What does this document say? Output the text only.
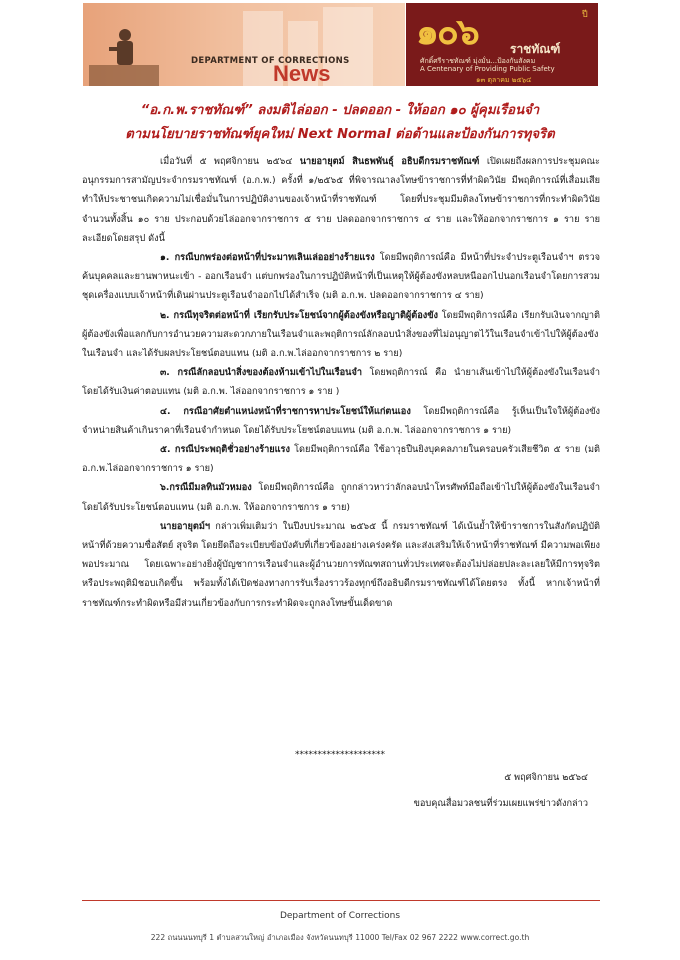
DEPARTMENT OF CORRECTIONS
News
๑๐๖	ปี
ราชทัณฑ์
ศักดิ์ศรีราชทัณฑ์ มุ่งมั่น...ป้องกันสังคม
A Centenary of Providing Public Safety
๑๓ ตุลาคม ๒๕๖๔
“อ.ก.พ.ราชทัณฑ์” ลงมติไล่ออก - ปลดออก - ให้ออก ๑๐ ผู้คุมเรือนจำ
ตามนโยบายราชทัณฑ์ยุคใหม่ Next Normal ต่อต้านและป้องกันการทุจริต

เมื่อวันที่ ๕ พฤศจิกายน ๒๕๖๔ นายอายุตม์ สินธพพันธุ์ อธิบดีกรมราชทัณฑ์ เปิดเผยถึงผลการประชุมคณะอนุกรรมการสามัญประจำกรมราชทัณฑ์ (อ.ก.พ.) ครั้งที่ ๑/๒๕๖๕ ที่พิจารณาลงโทษข้าราชการที่ทำผิดวินัย มีพฤติการณ์ที่เสื่อมเสีย ทำให้ประชาชนเกิดความไม่เชื่อมั่นในการปฏิบัติงานของเจ้าหน้าที่ราชทัณฑ์ โดยที่ประชุมมีมติลงโทษข้าราชการที่กระทำผิดวินัย จำนวนทั้งสิ้น ๑๐ ราย ประกอบด้วยไล่ออกจากราชการ ๕ ราย ปลดออกจากราชการ ๔ ราย และให้ออกจากราชการ ๑ ราย รายละเอียดโดยสรุป ดังนี้

๑. กรณีบกพร่องต่อหน้าที่ประมาทเลินเล่ออย่างร้ายแรง โดยมีพฤติการณ์คือ มีหน้าที่ประจำประตูเรือนจำฯ ตรวจค้นบุคคลและยานพาหนะเข้า - ออกเรือนจำ แต่บกพร่องในการปฏิบัติหน้าที่เป็นเหตุให้ผู้ต้องขังหลบหนีออกไปนอกเรือนจำโดยการสวมชุดเครื่องแบบเจ้าหน้าที่เดินผ่านประตูเรือนจำออกไปได้สำเร็จ (มติ อ.ก.พ. ปลดออกจากราชการ ๔ ราย)

๒. กรณีทุจริตต่อหน้าที่ เรียกรับประโยชน์จากผู้ต้องขังหรือญาติผู้ต้องขัง โดยมีพฤติการณ์คือ เรียกรับเงินจากญาติผู้ต้องขังเพื่อแลกกับการอำนวยความสะดวกภายในเรือนจำและพฤติการณ์ลักลอบนำสิ่งของที่ไม่อนุญาตไว้ในเรือนจำเข้าไปให้ผู้ต้องขังในเรือนจำ และได้รับผลประโยชน์ตอบแทน (มติ อ.ก.พ.ไล่ออกจากราชการ ๒ ราย)

๓. กรณีลักลอบนำสิ่งของต้องห้ามเข้าไปในเรือนจำ โดยพฤติการณ์ คือ นำยาเส้นเข้าไปให้ผู้ต้องขังในเรือนจำ โดยได้รับเงินค่าตอบแทน (มติ อ.ก.พ. ไล่ออกจากราชการ ๑ ราย )

๔. กรณีอาศัยตำแหน่งหน้าที่ราชการหาประโยชน์ให้แก่ตนเอง โดยมีพฤติการณ์คือ รู้เห็นเป็นใจให้ผู้ต้องขังจำหน่ายสินค้าเกินราคาที่เรือนจำกำหนด โดยได้รับประโยชน์ตอบแทน (มติ อ.ก.พ. ไล่ออกจากราชการ ๑ ราย)

๕. กรณีประพฤติชั่วอย่างร้ายแรง โดยมีพฤติการณ์คือ ใช้อาวุธปืนยิงบุคคลภายในครอบครัวเสียชีวิต ๕ ราย (มติ อ.ก.พ.ไล่ออกจากราชการ ๑ ราย)

๖.กรณีมีมลทินมัวหมอง โดยมีพฤติการณ์คือ ถูกกล่าวหาว่าลักลอบนำโทรศัพท์มือถือเข้าไปให้ผู้ต้องขังในเรือนจำ โดยได้รับประโยชน์ตอบแทน (มติ อ.ก.พ. ให้ออกจากราชการ ๑ ราย)

นายอายุตม์ฯ กล่าวเพิ่มเติมว่า ในปีงบประมาณ ๒๕๖๕ นี้ กรมราชทัณฑ์ ได้เน้นย้ำให้ข้าราชการในสังกัดปฏิบัติหน้าที่ด้วยความซื่อสัตย์ สุจริต โดยยึดถือระเบียบข้อบังคับที่เกี่ยวข้องอย่างเคร่งครัด และส่งเสริมให้เจ้าหน้าที่ราชทัณฑ์ มีความพอเพียง พอประมาณ โดยเฉพาะอย่างยิ่งผู้บัญชาการเรือนจำและผู้อำนวยการทัณฑสถานทั่วประเทศจะต้องไม่ปล่อยปละละเลยให้มีการทุจริตหรือประพฤติมิชอบเกิดขึ้น พร้อมทั้งได้เปิดช่องทางการรับเรื่องราวร้องทุกข์ถึงอธิบดีกรมราชทัณฑ์ได้โดยตรง ทั้งนี้ หากเจ้าหน้าที่ราชทัณฑ์กระทำผิดหรือมีส่วนเกี่ยวข้องกับการกระทำผิดจะถูกลงโทษขั้นเด็ดขาด

********************
๕ พฤศจิกายน ๒๕๖๔
ขอบคุณสื่อมวลชนที่ร่วมเผยแพร่ข่าวดังกล่าว
Department of Corrections
222 ถนนนนทบุรี 1 ตำบลสวนใหญ่ อำเภอเมือง จังหวัดนนทบุรี 11000 Tel/Fax 02 967 2222 www.correct.go.th
